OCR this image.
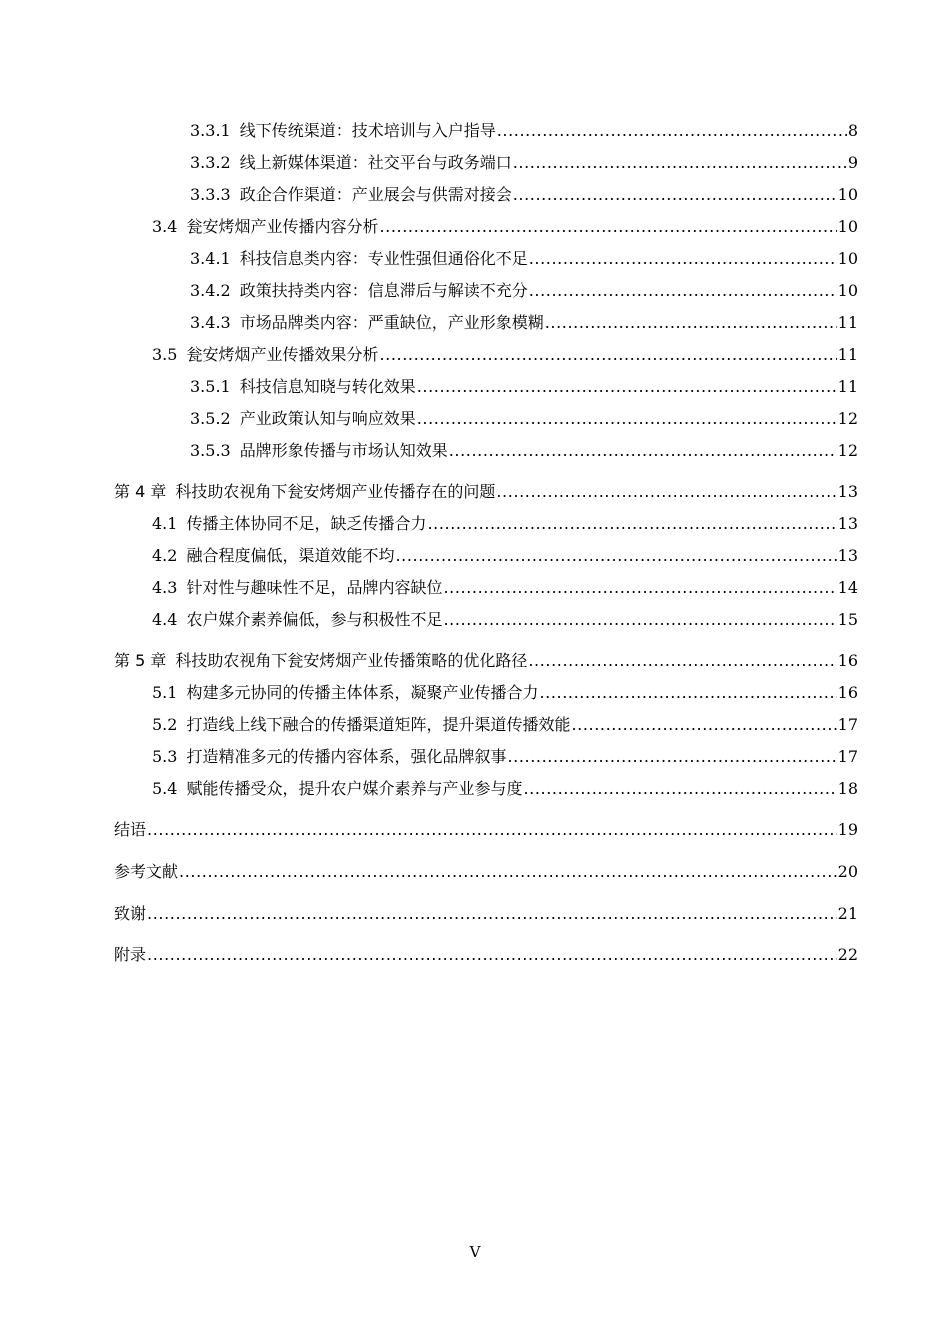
3.3.1 线下传统渠道：技术培训与入户指导 .....	8
3.3.2 线上新媒体渠道：社交平台与政务端口 .....	9
3.3.3 政企合作渠道：产业展会与供需对接会 .....	10
3.4 瓮安烤烟产业传播内容分析 .....	10
3.4.1 科技信息类内容：专业性强但通俗化不足 .....	10
3.4.2 政策扶持类内容：信息滞后与解读不充分 .....	10
3.4.3 市场品牌类内容：严重缺位，产业形象模糊 .....	11
3.5 瓮安烤烟产业传播效果分析 .....	11
3.5.1 科技信息知晓与转化效果 .....	11
3.5.2 产业政策认知与响应效果 .....	12
3.5.3 品牌形象传播与市场认知效果 .....	12
第 4 章 科技助农视角下瓮安烤烟产业传播存在的问题 .....	13
4.1 传播主体协同不足，缺乏传播合力 .....	13
4.2 融合程度偏低，渠道效能不均 .....	13
4.3 针对性与趣味性不足，品牌内容缺位 .....	14
4.4 农户媒介素养偏低，参与积极性不足 .....	15
第 5 章 科技助农视角下瓮安烤烟产业传播策略的优化路径 .....	16
5.1 构建多元协同的传播主体体系，凝聚产业传播合力 .....	16
5.2 打造线上线下融合的传播渠道矩阵，提升渠道传播效能 .....	17
5.3 打造精准多元的传播内容体系，强化品牌叙事 .....	17
5.4 赋能传播受众，提升农户媒介素养与产业参与度 .....	18
结语 .....	19
参考文献 .....	20
致谢 .....	21
附录 .....	22
V
